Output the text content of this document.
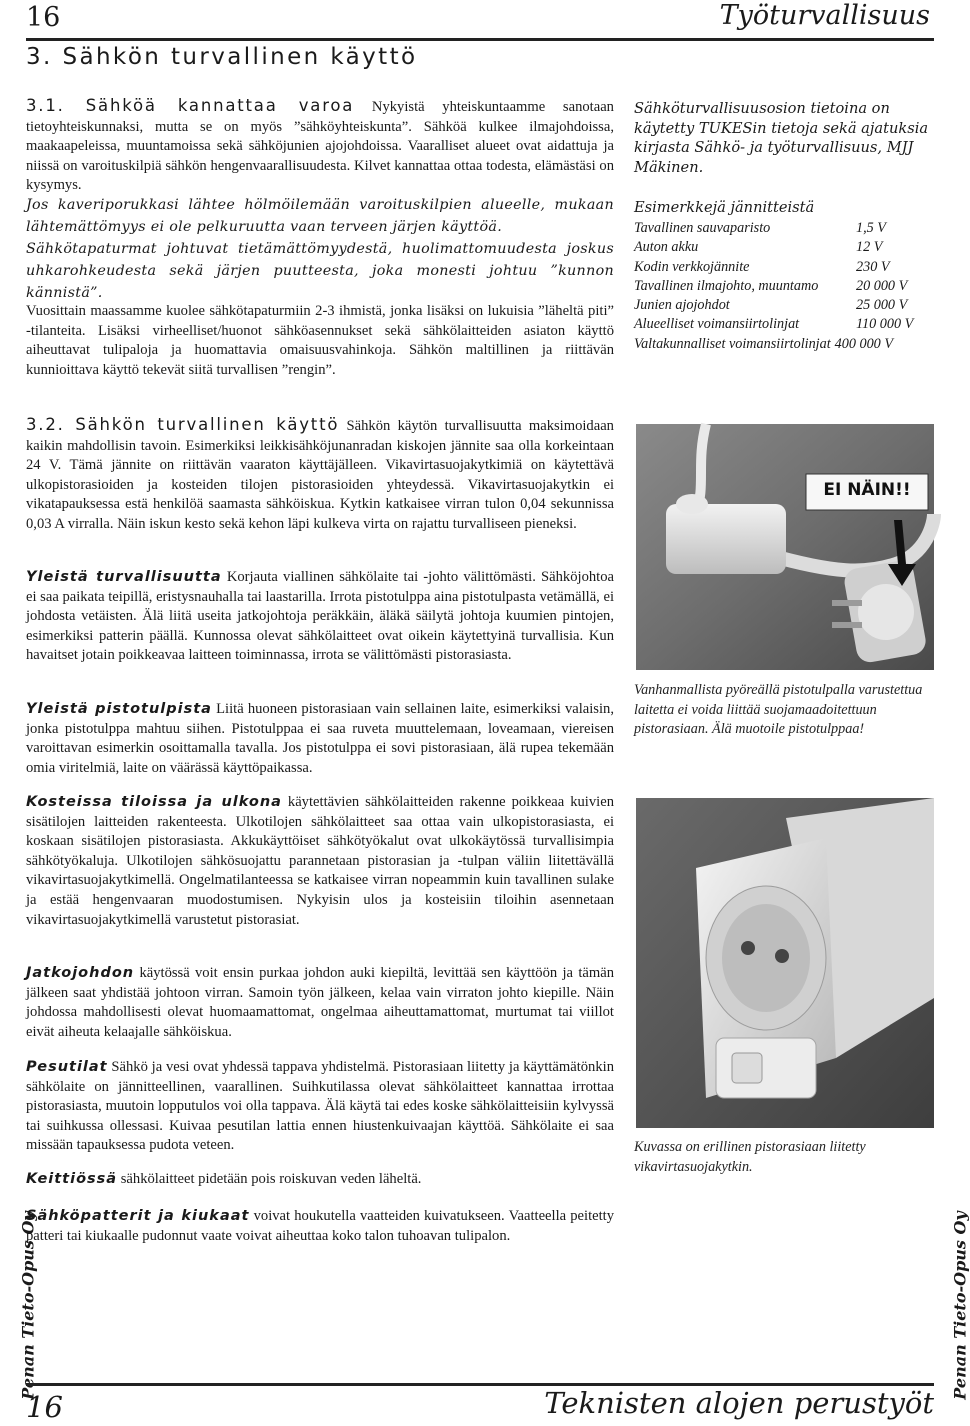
16	Työturvallisuus
3. Sähkön turvallinen käyttö
3.1. Sähköä kannattaa varoa Nykyistä yhteiskuntaamme sanotaan tietoyhteiskunnaksi, mutta se on myös ”sähköyhteiskunta”. Sähköä kulkee ilmajohdoissa, maakaapeleissa, muuntamoissa sekä sähköjunien ajojohdoissa. Vaaralliset alueet ovat aidattuja ja niissä on varoituskilpiä sähkön hengenvaarallisuudesta. Kilvet kannattaa ottaa todesta, elämästäsi on kysymys.
Jos kaveriporukkasi lähtee hölmöilemään varoituskilpien alueelle, mukaan lähtemättömyys ei ole pelkuruutta vaan terveen järjen käyttöä.
Sähkötapaturmat johtuvat tietämättömyydestä, huolimattomuudesta joskus uhkarohkeudesta sekä järjen puutteesta, joka monesti johtuu ”kunnon kännistä”.
Vuosittain maassamme kuolee sähkötapaturmiin 2-3 ihmistä, jonka lisäksi on lukuisia ”läheltä piti” -tilanteita. Lisäksi virheelliset/huonot sähköasennukset sekä sähkölaitteiden asiaton käyttö aiheuttavat tulipaloja ja huomattavia omaisuusvahinkoja. Sähkön maltillinen ja riittävän kunnioittava käyttö tekevät siitä turvallisen ”rengin”.
Sähköturvallisuusosion tietoina on käytetty TUKESin tietoja sekä ajatuksia kirjasta Sähkö- ja työturvallisuus, MJJ Mäkinen.
Esimerkkejä jännitteistä
Tavallinen sauvaparisto	1,5 V
Auton akku	12 V
Kodin verkkojännite	230 V
Tavallinen ilmajohto, muuntamo	20 000 V
Junien ajojohdot	25 000 V
Alueelliset voimansiirtolinjat	110 000 V
Valtakunnalliset voimansiirtolinjat 400 000 V
3.2. Sähkön turvallinen käyttö Sähkön käytön turvallisuutta maksimoidaan kaikin mahdollisin tavoin. Esimerkiksi leikkisähköjunanradan kiskojen jännite saa olla korkeintaan 24 V. Tämä jännite on riittävän vaaraton käyttäjälleen. Vikavirtasuojakytkimiä on käytettävä ulkopistorasioiden ja kosteiden tilojen pistorasioiden yhteydessä. Vikavirtasuojakytkin ei vikatapauksessa estä henkilöä saamasta sähköiskua. Kytkin katkaisee virran tulon 0,04 sekunnissa 0,03 A virralla. Näin iskun kesto sekä kehon läpi kulkeva virta on rajattu turvalliseen pieneksi.
Yleistä turvallisuutta Korjauta viallinen sähkölaite tai -johto välittömästi. Sähköjohtoa ei saa paikata teipillä, eristysnauhalla tai laastarilla. Irrota pistotulppa aina pistotulpasta vetämällä, ei johdosta vetäisten. Älä liitä useita jatkojohtoja peräkkäin, äläkä säilytä johtoja kuumien pintojen, esimerkiksi patterin päällä. Kunnossa olevat sähkölaitteet ovat oikein käytettyinä turvallisia. Kun havaitset jotain poikkeavaa laitteen toiminnassa, irrota se välittömästi pistorasiasta.
Yleistä pistotulpista Liitä huoneen pistorasiaan vain sellainen laite, esimerkiksi valaisin, jonka pistotulppa mahtuu siihen. Pistotulppaa ei saa ruveta muuttelemaan, loveamaan, viereisen varoittavan esimerkin osoittamalla tavalla. Jos pistotulppa ei sovi pistorasiaan, älä rupea tekemään omia viritelmiä, laite on väärässä käyttöpaikassa.
Kosteissa tiloissa ja ulkona käytettävien sähkölaitteiden rakenne poikkeaa kuivien sisätilojen laitteiden rakenteesta. Ulkotilojen sähkölaitteet saa ottaa vain ulkopistorasiasta, ei koskaan sisätilojen pistorasiasta. Akkukäyttöiset sähkötyökalut ovat ulkokäytössä turvallisimpia sähkötyökaluja. Ulkotilojen sähkösuojattu parannetaan pistorasian ja -tulpan väliin liitettävällä vikavirtasuojakytkimellä. Ongelmatilanteessa se katkaisee virran nopeammin kuin tavallinen sulake ja estää hengenvaaran muodostumisen. Nykyisin ulos ja kosteisiin tiloihin asennetaan vikavirtasuojakytkimellä varustetut pistorasiat.
Jatkojohdon käytössä voit ensin purkaa johdon auki kiepiltä, levittää sen käyttöön ja tämän jälkeen saat yhdistää johtoon virran. Samoin työn jälkeen, kelaa vain virraton johto kiepille. Näin johdossa mahdollisesti olevat huomaamattomat, ongelmaa aiheuttamattomat, murtumat tai viillot eivät aiheuta kelaajalle sähköiskua.
Pesutilat Sähkö ja vesi ovat yhdessä tappava yhdistelmä. Pistorasiaan liitetty ja käyttämätönkin sähkölaite on jännitteellinen, vaarallinen. Suihkutilassa olevat sähkölaitteet kannattaa irrottaa pistorasiasta, muutoin lopputulos voi olla tappava. Älä käytä tai edes koske sähkölaitteisiin kylvyssä tai suihkussa ollessasi. Kuivaa pesutilan lattia ennen hiustenkuivaajan käyttöä. Sähkölaite ei saa missään tapauksessa pudota veteen.
Keittiössä sähkölaitteet pidetään pois roiskuvan veden läheltä.
Sähköpatterit ja kiukaat voivat houkutella vaatteiden kuivatukseen. Vaatteella peitetty patteri tai kiukaalle pudonnut vaate voivat aiheuttaa koko talon tuhoavan tulipalon.
EI NÄIN!!
Vanhanmallista pyöreällä pistotulpalla varustettua laitetta ei voida liittää suojamaadoitettuun pistorasiaan. Älä muotoile pistotulppaa!
Kuvassa on erillinen pistorasiaan liitetty vikavirtasuojakytkin.
Penan Tieto-Opus Oy	Penan Tieto-Opus Oy
16	Teknisten alojen perustyöt
